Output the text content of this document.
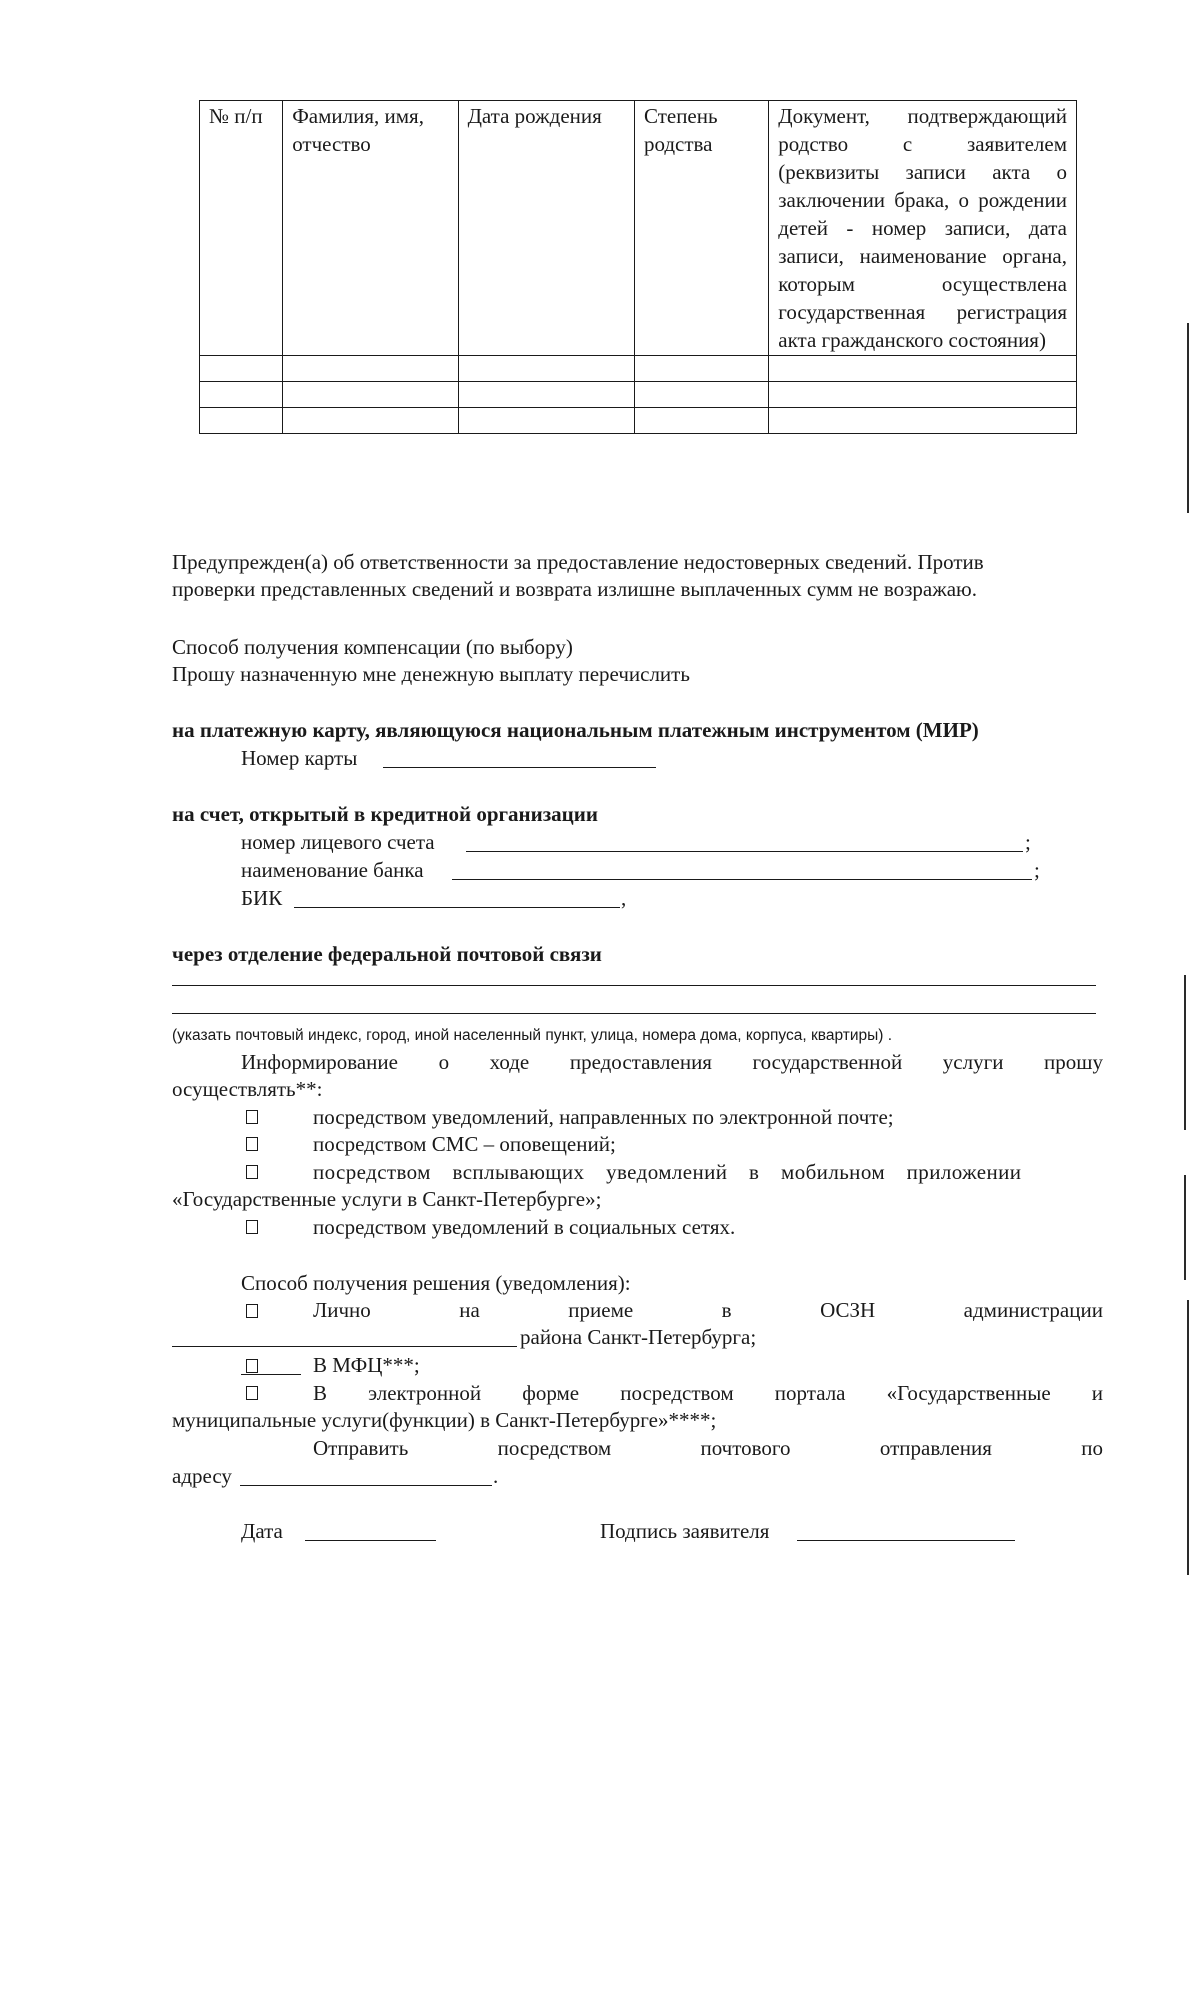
№ п/п	Фамилия, имя, отчество	Дата рождения	Степень родства	Документ, подтверждающий родство с заявителем (реквизиты записи акта о заключении брака, о рождении детей - номер записи, дата записи, наименование органа, которым осуществлена государственная регистрация акта гражданского состояния)

Предупрежден(а) об ответственности за предоставление недостоверных сведений. Против
проверки представленных сведений и возврата излишне выплаченных сумм не возражаю.
Способ получения компенсации (по выбору)
Прошу назначенную мне денежную выплату перечислить
на платежную карту, являющуюся национальным платежным инструментом (МИР)
Номер карты
на счет, открытый в кредитной организации
номер лицевого счета	;
наименование банка	;
БИК	,
через отделение федеральной почтовой связи
(указать почтовый индекс, город, иной населенный пункт, улица, номера дома, корпуса, квартиры) .
Информирование о ходе предоставления государственной услуги прошу
осуществлять**:
посредством уведомлений, направленных по электронной почте;
посредством СМС – оповещений;
посредством всплывающих уведомлений в мобильном приложении
«Государственные услуги в Санкт-Петербурге»;
посредством уведомлений в социальных сетях.
Способ получения решения (уведомления):
Лично	на	приеме	в	ОСЗН	администрации
района Санкт-Петербурга;
В МФЦ***;
В электронной форме посредством портала «Государственные и
муниципальные услуги(функции) в Санкт-Петербурге»****;
Отправить	посредством	почтового	отправления	по
адресу	.
Дата	Подпись заявителя
